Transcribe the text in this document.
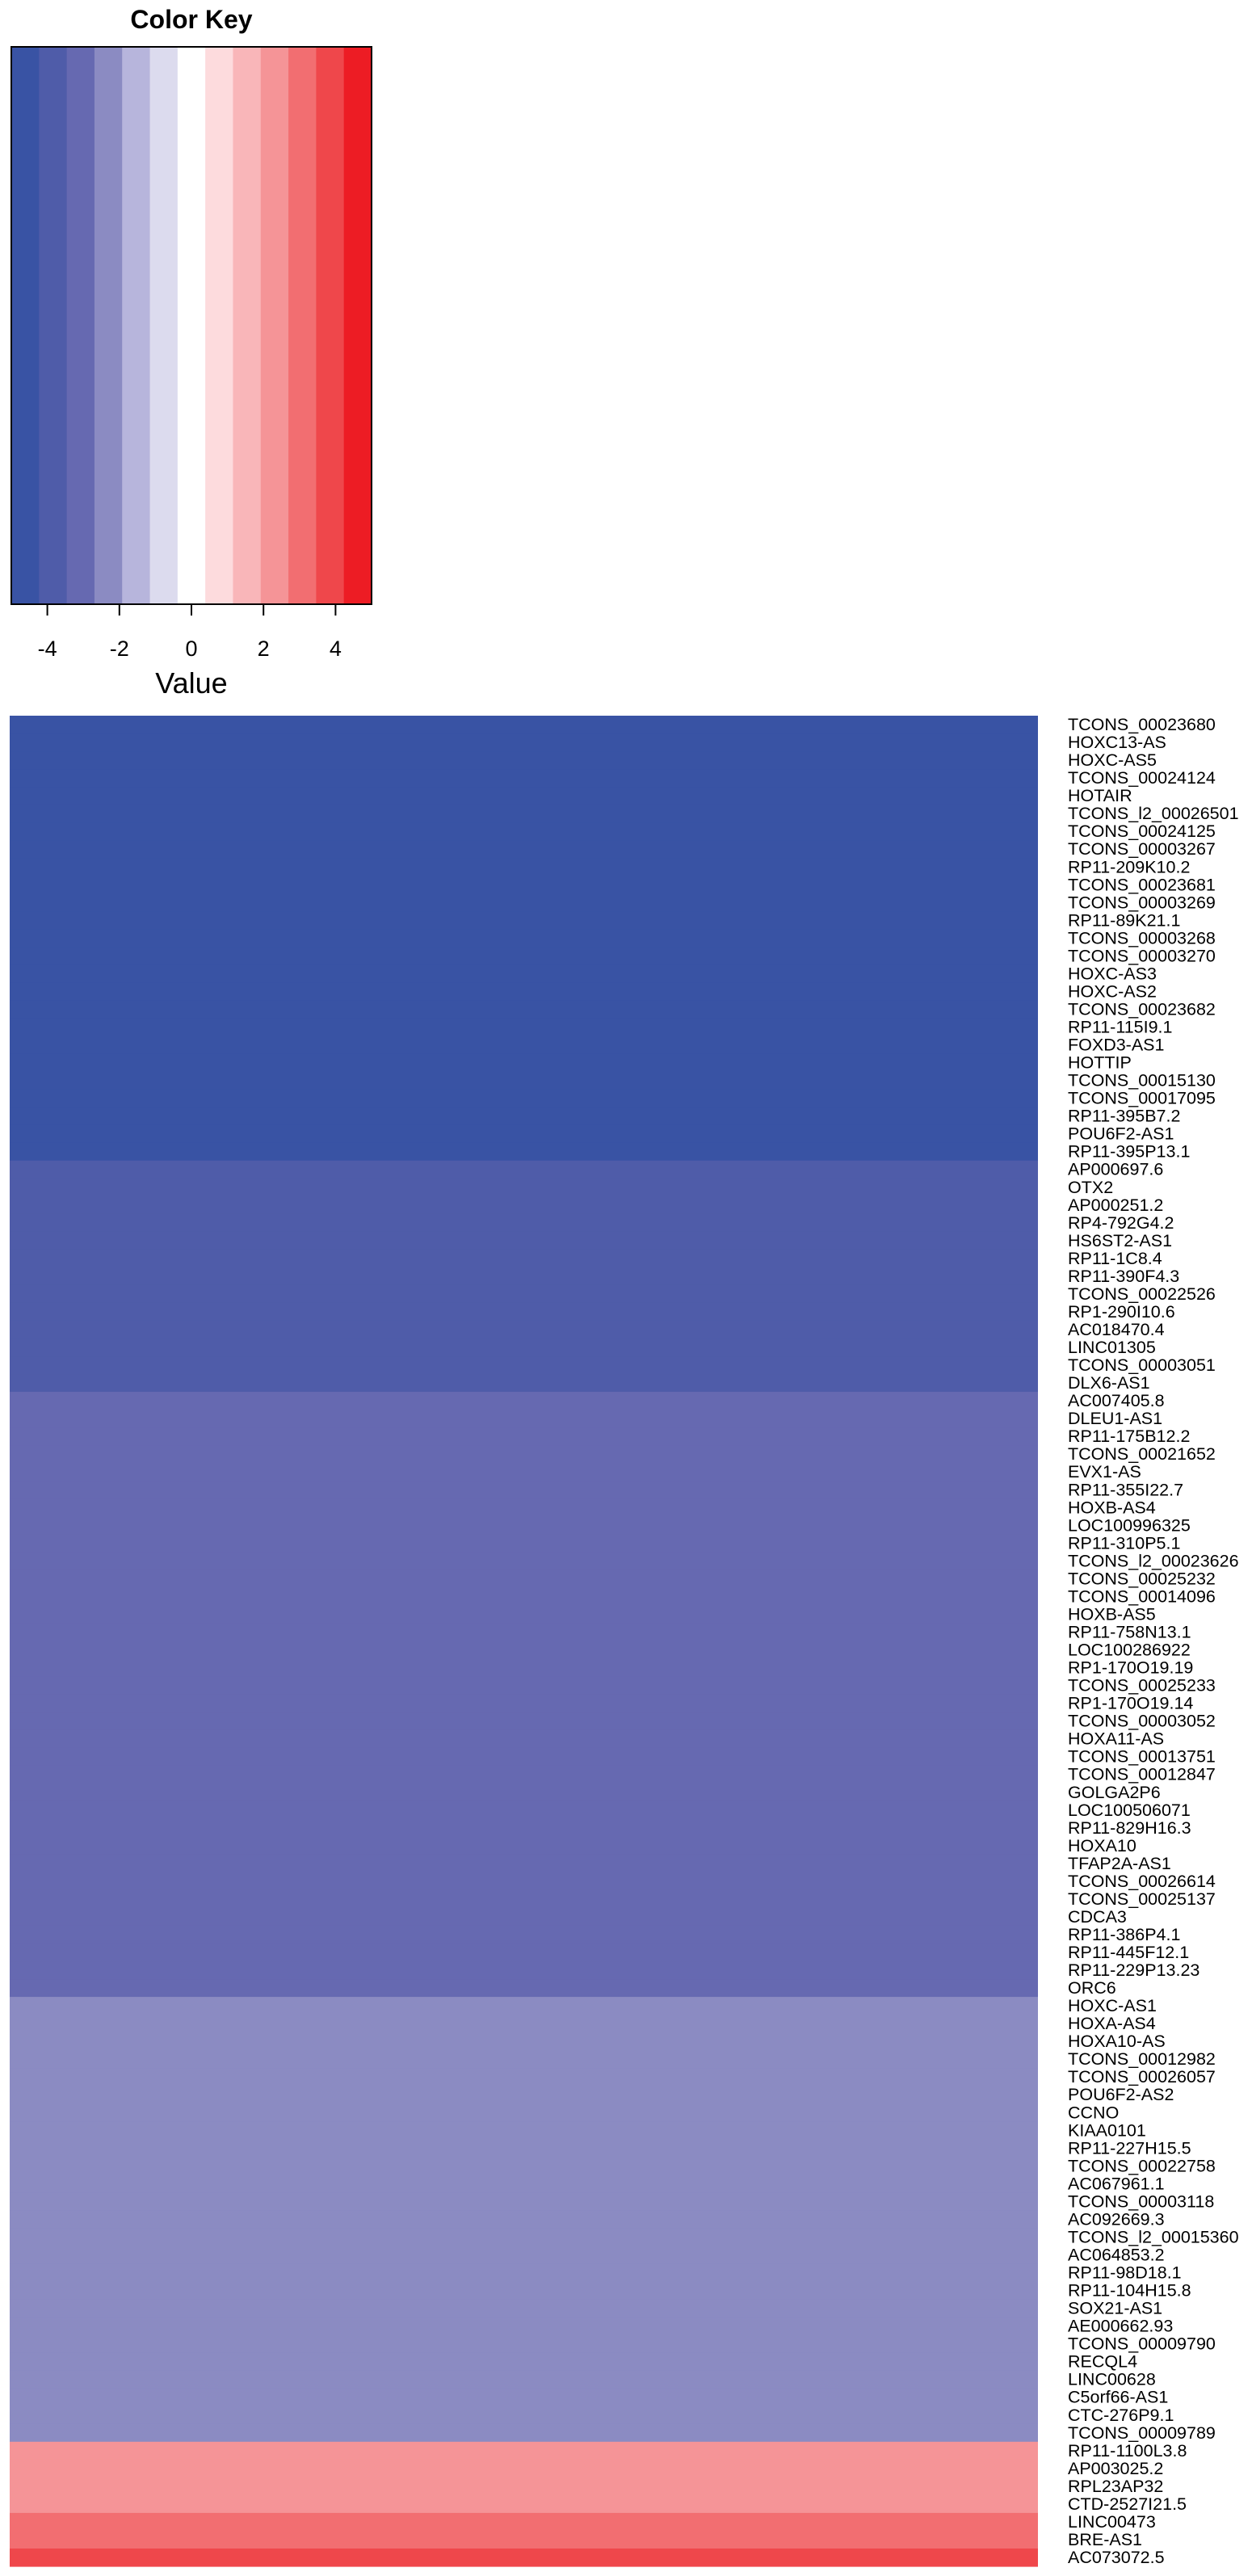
Color Key
-4 -2	0	2	4
Value
TCONS_00023680
HOXC13-AS
HOXC-AS5
TCONS_00024124
HOTAIR
TCONS_l2_00026501
TCONS_00024125
TCONS_00003267
RP11-209K10.2
TCONS_00023681
TCONS_00003269
RP11-89K21.1
TCONS_00003268
TCONS_00003270
HOXC-AS3
HOXC-AS2
TCONS_00023682
RP11-115I9.1
FOXD3-AS1
HOTTIP
TCONS_00015130
TCONS_00017095
RP11-395B7.2
POU6F2-AS1
RP11-395P13.1
AP000697.6
OTX2
AP000251.2
RP4-792G4.2
HS6ST2-AS1
RP11-1C8.4
RP11-390F4.3
TCONS_00022526
RP1-290I10.6
AC018470.4
LINC01305
TCONS_00003051
DLX6-AS1
AC007405.8
DLEU1-AS1
RP11-175B12.2
TCONS_00021652
EVX1-AS
RP11-355I22.7
HOXB-AS4
LOC100996325
RP11-310P5.1
TCONS_l2_00023626
TCONS_00025232
TCONS_00014096
HOXB-AS5
RP11-758N13.1
LOC100286922
RP1-170O19.19
TCONS_00025233
RP1-170O19.14
TCONS_00003052
HOXA11-AS
TCONS_00013751
TCONS_00012847
GOLGA2P6
LOC100506071
RP11-829H16.3
HOXA10
TFAP2A-AS1
TCONS_00026614
TCONS_00025137
CDCA3
RP11-386P4.1
RP11-445F12.1
RP11-229P13.23
ORC6
HOXC-AS1
HOXA-AS4
HOXA10-AS
TCONS_00012982
TCONS_00026057
POU6F2-AS2
CCNO
KIAA0101
RP11-227H15.5
TCONS_00022758
AC067961.1
TCONS_00003118
AC092669.3
TCONS_l2_00015360
AC064853.2
RP11-98D18.1
RP11-104H15.8
SOX21-AS1
AE000662.93
TCONS_00009790
RECQL4
LINC00628
C5orf66-AS1
CTC-276P9.1
TCONS_00009789
RP11-1100L3.8
AP003025.2
RPL23AP32
CTD-2527I21.5
LINC00473
BRE-AS1
AC073072.5
